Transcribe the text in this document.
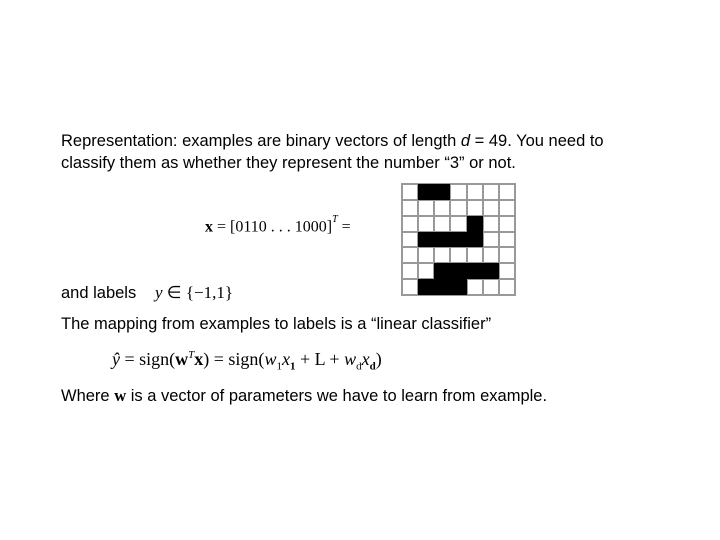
Representation: examples are binary vectors of length d = 49. You need to
classify them as whether they represent the number “3” or not.
x = [0110 . . . 1000]$^T$ =
and labels y ∈ {−1,1}
The mapping from examples to labels is a “linear classifier”
ŷ = $sign(w^Tx)$ = $sign(w_1x_1 + L + w_dx_d)$
Where w is a vector of parameters we have to learn from example.
